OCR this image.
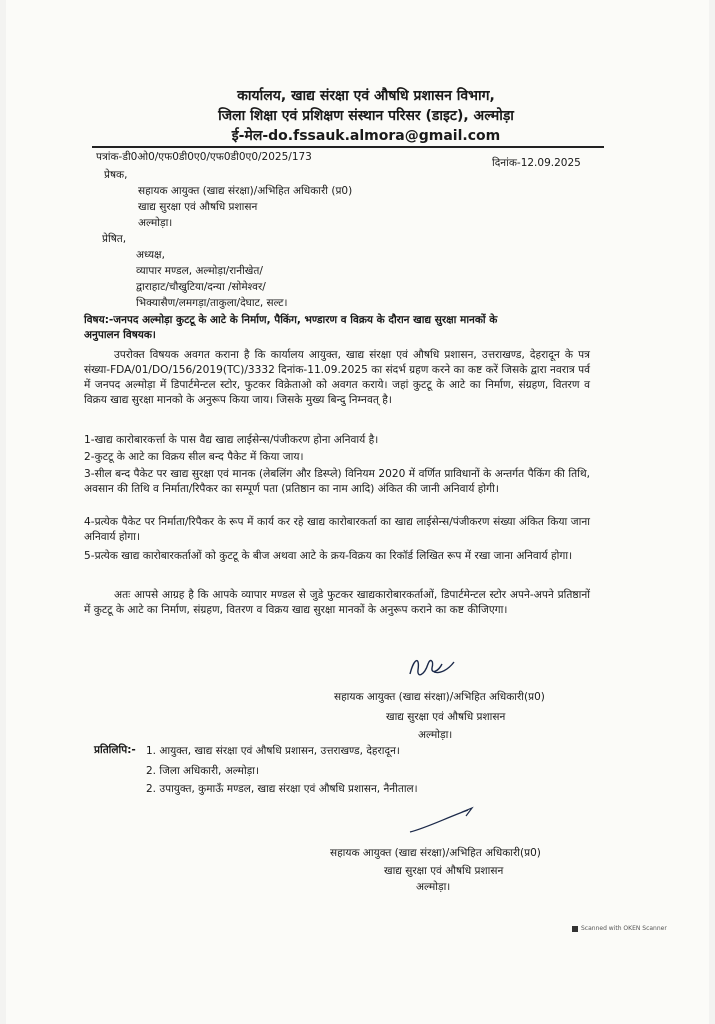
कार्यालय, खाद्य संरक्षा एवं औषधि प्रशासन विभाग,
जिला शिक्षा एवं प्रशिक्षण संस्थान परिसर (डाइट), अल्मोड़ा
ई-मेल-do.fssauk.almora@gmail.com
पत्रांक-डी0ओ0/एफ0डी0ए0/एफ0डी0ए0/2025/173	दिनांक-12.09.2025
प्रेषक,
सहायक आयुक्त (खाद्य संरक्षा)/अभिहित अधिकारी (प्र0)
खाद्य सुरक्षा एवं औषधि प्रशासन
अल्मोड़ा।
प्रेषित,
अध्यक्ष,
व्यापार मण्डल, अल्मोड़ा/रानीखेत/
द्वाराहाट/चौखुटिया/दन्या /सोमेश्वर/
भिक्यासैण/लमगड़ा/ताकुला/देघाट, सल्ट।
विषय:-जनपद अल्मोड़ा कुटटू के आटे के निर्माण, पैकिंग, भण्डारण व विक्रय के दौरान खाद्य सुरक्षा मानकों के
अनुपालन विषयक।
उपरोक्त विषयक अवगत कराना है कि कार्यालय आयुक्त, खाद्य संरक्षा एवं औषधि प्रशासन, उत्तराखण्ड, देहरादून के पत्र संख्या-FDA/01/DO/156/2019(TC)/3332 दिनांक-11.09.2025 का संदर्भ ग्रहण करने का कष्ट करें जिसके द्वारा नवरात्र पर्व में जनपद अल्मोड़ा में डिपार्टमेन्टल स्टोर, फुटकर विक्रेताओ को अवगत कराये। जहां कुटटू के आटे का निर्माण, संग्रहण, वितरण व विक्रय खाद्य सुरक्षा मानको के अनुरूप किया जाय। जिसके मुख्य बिन्दु निम्नवत् है।
1-खाद्य कारोबारकर्त्ता के पास वैद्य खाद्य लाईसेन्स/पंजीकरण होना अनिवार्य है।
2-कुटटू के आटे का विक्रय सील बन्द पैकेट में किया जाय।
3-सील बन्द पैकेट पर खाद्य सुरक्षा एवं मानक (लेबलिंग और डिस्प्ले) विनियम 2020 में वर्णित प्राविधानों के अन्तर्गत पैकिंग की तिथि, अवसान की तिथि व निर्माता/रिपैकर का सम्पूर्ण पता (प्रतिष्ठान का नाम आदि) अंकित की जानी अनिवार्य होगी।
4-प्रत्येक पैकेट पर निर्माता/रिपैकर के रूप में कार्य कर रहे खाद्य कारोबारकर्ता का खाद्य लाईसेन्स/पंजीकरण संख्या अंकित किया जाना अनिवार्य होगा।
5-प्रत्येक खाद्य कारोबारकर्ताओं को कुटटू के बीज अथवा आटे के क्रय-विक्रय का रिकॉर्ड लिखित रूप में रखा जाना अनिवार्य होगा।
अतः आपसे आग्रह है कि आपके व्यापार मण्डल से जुडे फुटकर खाद्यकारोबारकर्ताओं, डिपार्टमेन्टल स्टोर अपने-अपने प्रतिष्ठानों में कुटटू के आटे का निर्माण, संग्रहण, वितरण व विक्रय खाद्य सुरक्षा मानकों के अनुरूप कराने का कष्ट कीजिएगा।
सहायक आयुक्त (खाद्य संरक्षा)/अभिहित अधिकारी(प्र0)
खाद्य सुरक्षा एवं औषधि प्रशासन
अल्मोड़ा।
प्रतिलिपि:- 1. आयुक्त, खाद्य संरक्षा एवं औषधि प्रशासन, उत्तराखण्ड, देहरादून।
2. जिला अधिकारी, अल्मोड़ा।
2. उपायुक्त, कुमाऊँ मण्डल, खाद्य संरक्षा एवं औषधि प्रशासन, नैनीताल।
सहायक आयुक्त (खाद्य संरक्षा)/अभिहित अधिकारी(प्र0)
खाद्य सुरक्षा एवं औषधि प्रशासन
अल्मोड़ा।
Scanned with OKEN Scanner
